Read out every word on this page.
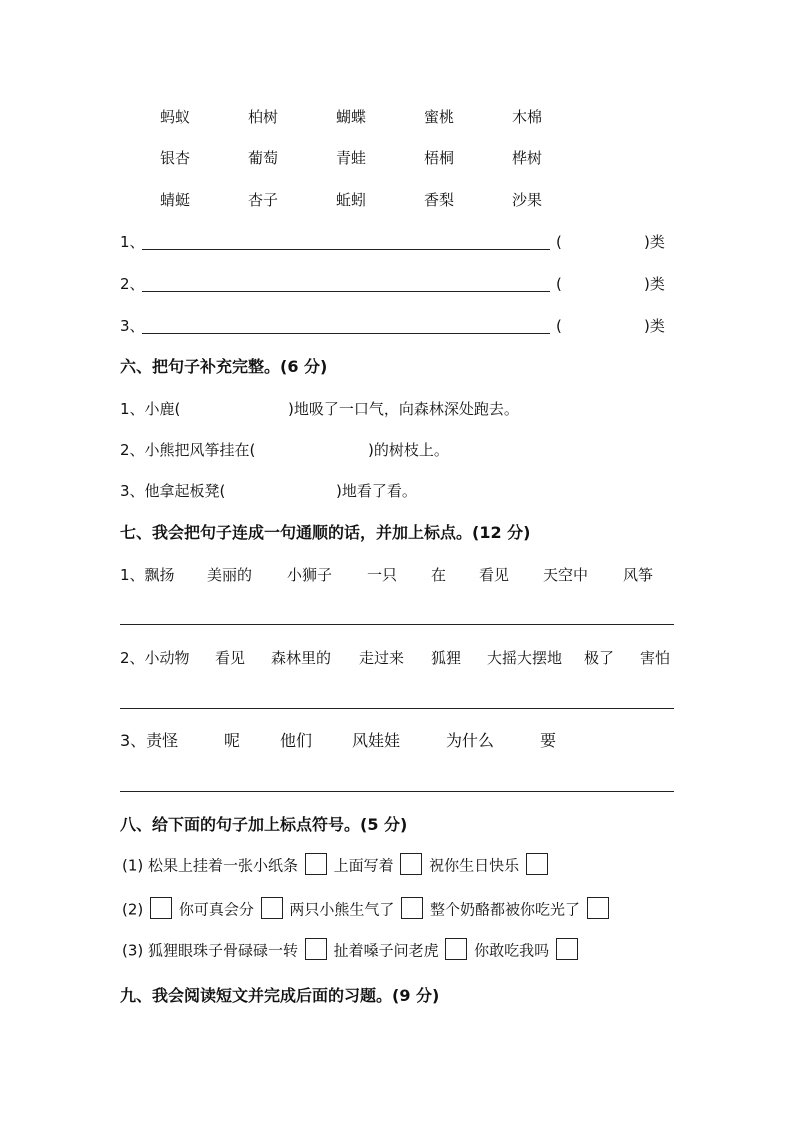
蚂蚁	柏树	蝴蝶	蜜桃	木棉
银杏	葡萄	青蛙	梧桐	桦树
蜻蜓	杏子	蚯蚓	香梨	沙果
1、	(	)类
2、	(	)类
3、	(	)类
六、把句子补充完整。(6 分)
1、小鹿(	)地吸了一口气，向森林深处跑去。
2、小熊把风筝挂在(	)的树枝上。
3、他拿起板凳(	)地看了看。
七、我会把句子连成一句通顺的话，并加上标点。(12 分)
1、飘扬 美丽的 小狮子 一只 在 看见 天空中 风筝
2、小动物 看见 森林里的 走过来 狐狸 大摇大摆地 极了 害怕
3、责怪	呢 他们 风娃娃	为什么	要
八、给下面的句子加上标点符号。(5 分)
(1) 松果上挂着一张小纸条 上面写着 祝你生日快乐
(2) 你可真会分 两只小熊生气了 整个奶酪都被你吃光了
(3) 狐狸眼珠子骨碌碌一转 扯着嗓子问老虎 你敢吃我吗
九、我会阅读短文并完成后面的习题。(9 分)
